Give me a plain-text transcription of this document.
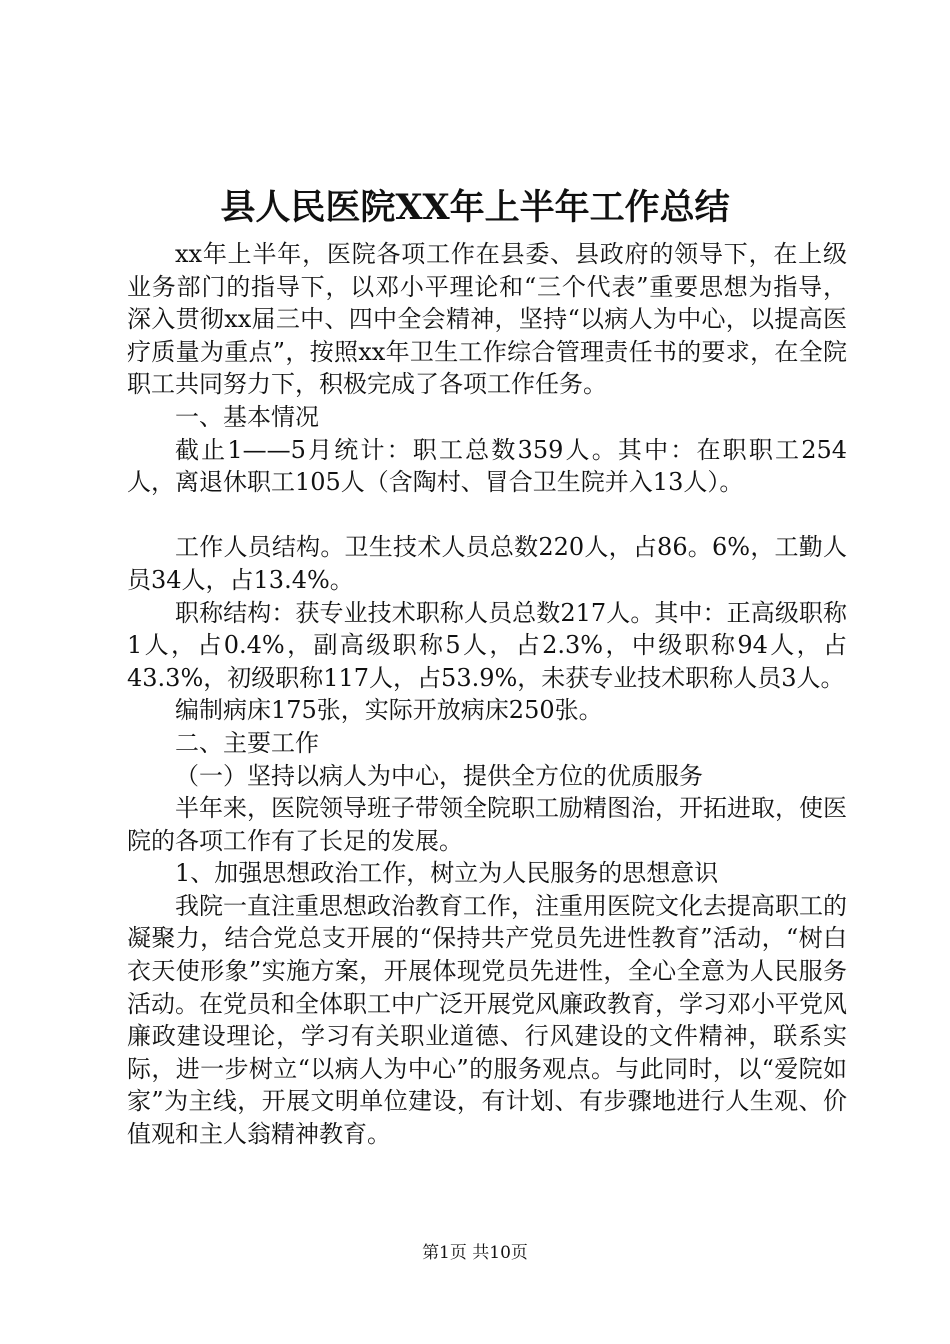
县人民医院XX年上半年工作总结

xx年上半年，医院各项工作在县委、县政府的领导下，在上级业务部门的指导下，以邓小平理论和“三个代表”重要思想为指导，深入贯彻xx届三中、四中全会精神，坚持“以病人为中心，以提高医疗质量为重点”，按照xx年卫生工作综合管理责任书的要求，在全院职工共同努力下，积极完成了各项工作任务。

一、基本情况

截止1——5月统计：职工总数359人。其中：在职职工254人，离退休职工105人（含陶村、冒合卫生院并入13人）。

工作人员结构。卫生技术人员总数220人，占86。6%，工勤人员34人，占13.4%。

职称结构：获专业技术职称人员总数217人。其中：正高级职称1人，占0.4%，副高级职称5人，占2.3%，中级职称94人，占43.3%，初级职称117人，占53.9%，未获专业技术职称人员3人。

编制病床175张，实际开放病床250张。

二、主要工作

（一）坚持以病人为中心，提供全方位的优质服务

半年来，医院领导班子带领全院职工励精图治，开拓进取，使医院的各项工作有了长足的发展。

1、加强思想政治工作，树立为人民服务的思想意识

我院一直注重思想政治教育工作，注重用医院文化去提高职工的凝聚力，结合党总支开展的“保持共产党员先进性教育”活动，“树白衣天使形象”实施方案，开展体现党员先进性，全心全意为人民服务活动。在党员和全体职工中广泛开展党风廉政教育，学习邓小平党风廉政建设理论，学习有关职业道德、行风建设的文件精神，联系实际，进一步树立“以病人为中心”的服务观点。与此同时，以“爱院如家”为主线，开展文明单位建设，有计划、有步骤地进行人生观、价值观和主人翁精神教育。

第1页 共10页
